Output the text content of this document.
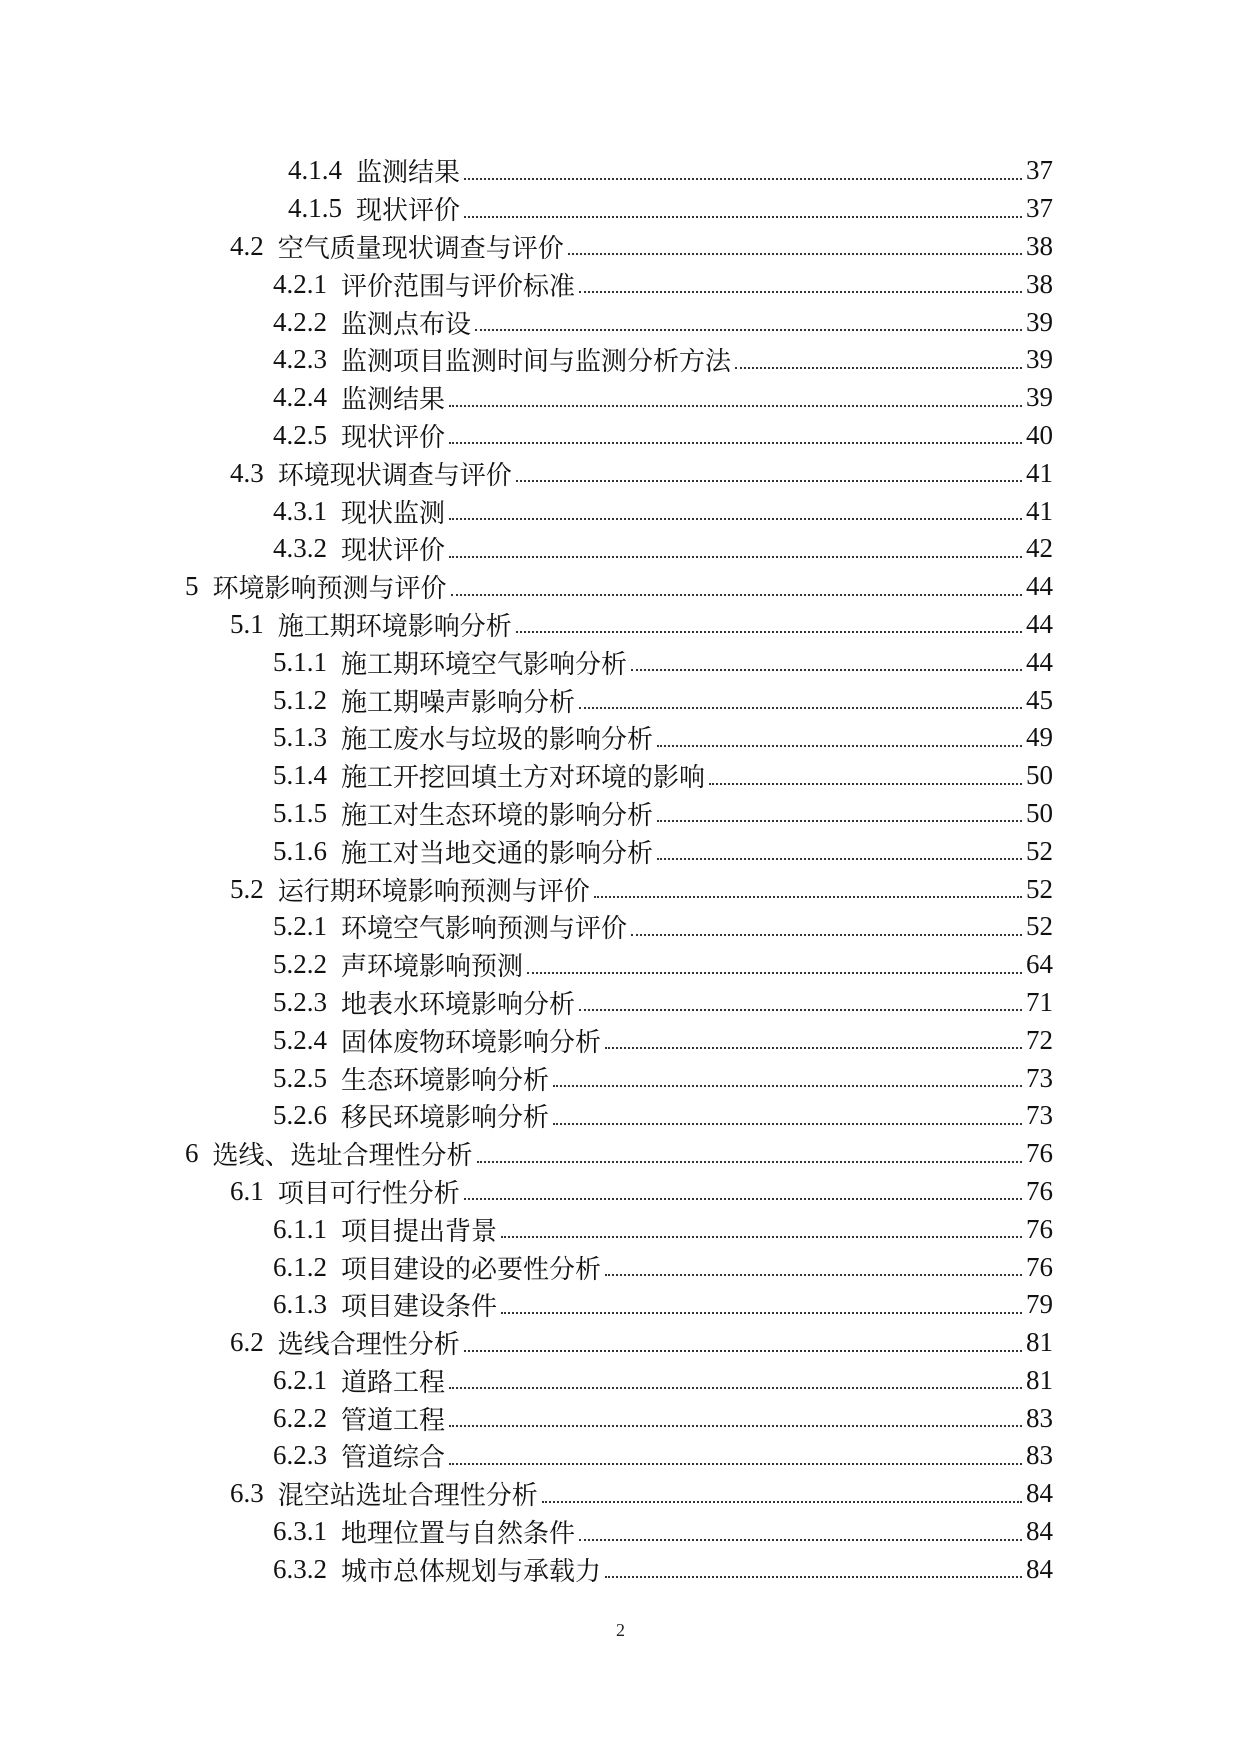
4.1.4 监测结果	37
4.1.5 现状评价	37
4.2 空气质量现状调查与评价	38
4.2.1 评价范围与评价标准	38
4.2.2 监测点布设	39
4.2.3 监测项目监测时间与监测分析方法	39
4.2.4 监测结果	39
4.2.5 现状评价	40
4.3 环境现状调查与评价	41
4.3.1 现状监测	41
4.3.2 现状评价	42
5 环境影响预测与评价	44
5.1 施工期环境影响分析	44
5.1.1 施工期环境空气影响分析	44
5.1.2 施工期噪声影响分析	45
5.1.3 施工废水与垃圾的影响分析	49
5.1.4 施工开挖回填土方对环境的影响	50
5.1.5 施工对生态环境的影响分析	50
5.1.6 施工对当地交通的影响分析	52
5.2 运行期环境影响预测与评价	52
5.2.1 环境空气影响预测与评价	52
5.2.2 声环境影响预测	64
5.2.3 地表水环境影响分析	71
5.2.4 固体废物环境影响分析	72
5.2.5 生态环境影响分析	73
5.2.6 移民环境影响分析	73
6 选线、选址合理性分析	76
6.1 项目可行性分析	76
6.1.1 项目提出背景	76
6.1.2 项目建设的必要性分析	76
6.1.3 项目建设条件	79
6.2 选线合理性分析	81
6.2.1 道路工程	81
6.2.2 管道工程	83
6.2.3 管道综合	83
6.3 混空站选址合理性分析	84
6.3.1 地理位置与自然条件	84
6.3.2 城市总体规划与承载力	84
2
